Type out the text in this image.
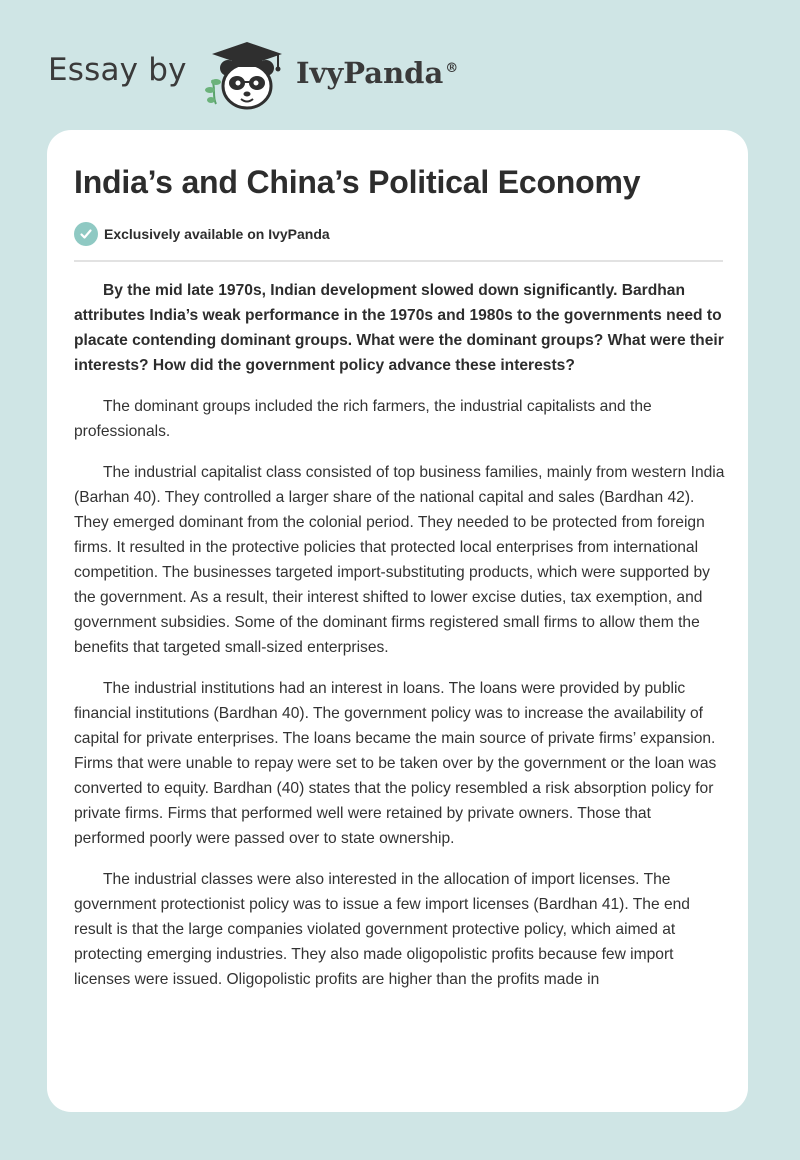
Essay by	IvyPanda ®
India’s and China’s Political Economy
Exclusively available on IvyPanda

By the mid late 1970s, Indian development slowed down significantly. Bardhan attributes India’s weak performance in the 1970s and 1980s to the governments need to placate contending dominant groups. What were the dominant groups? What were their interests? How did the government policy advance these interests?

The dominant groups included the rich farmers, the industrial capitalists and the professionals.

The industrial capitalist class consisted of top business families, mainly from western India (Barhan 40). They controlled a larger share of the national capital and sales (Bardhan 42). They emerged dominant from the colonial period. They needed to be protected from foreign firms. It resulted in the protective policies that protected local enterprises from international competition. The businesses targeted import-substituting products, which were supported by the government. As a result, their interest shifted to lower excise duties, tax exemption, and government subsidies. Some of the dominant firms registered small firms to allow them the benefits that targeted small-sized enterprises.

The industrial institutions had an interest in loans. The loans were provided by public financial institutions (Bardhan 40). The government policy was to increase the availability of capital for private enterprises. The loans became the main source of private firms’ expansion. Firms that were unable to repay were set to be taken over by the government or the loan was converted to equity. Bardhan (40) states that the policy resembled a risk absorption policy for private firms. Firms that performed well were retained by private owners. Those that performed poorly were passed over to state ownership.

The industrial classes were also interested in the allocation of import licenses. The government protectionist policy was to issue a few import licenses (Bardhan 41). The end result is that the large companies violated government protective policy, which aimed at protecting emerging industries. They also made oligopolistic profits because few import licenses were issued. Oligopolistic profits are higher than the profits made in
